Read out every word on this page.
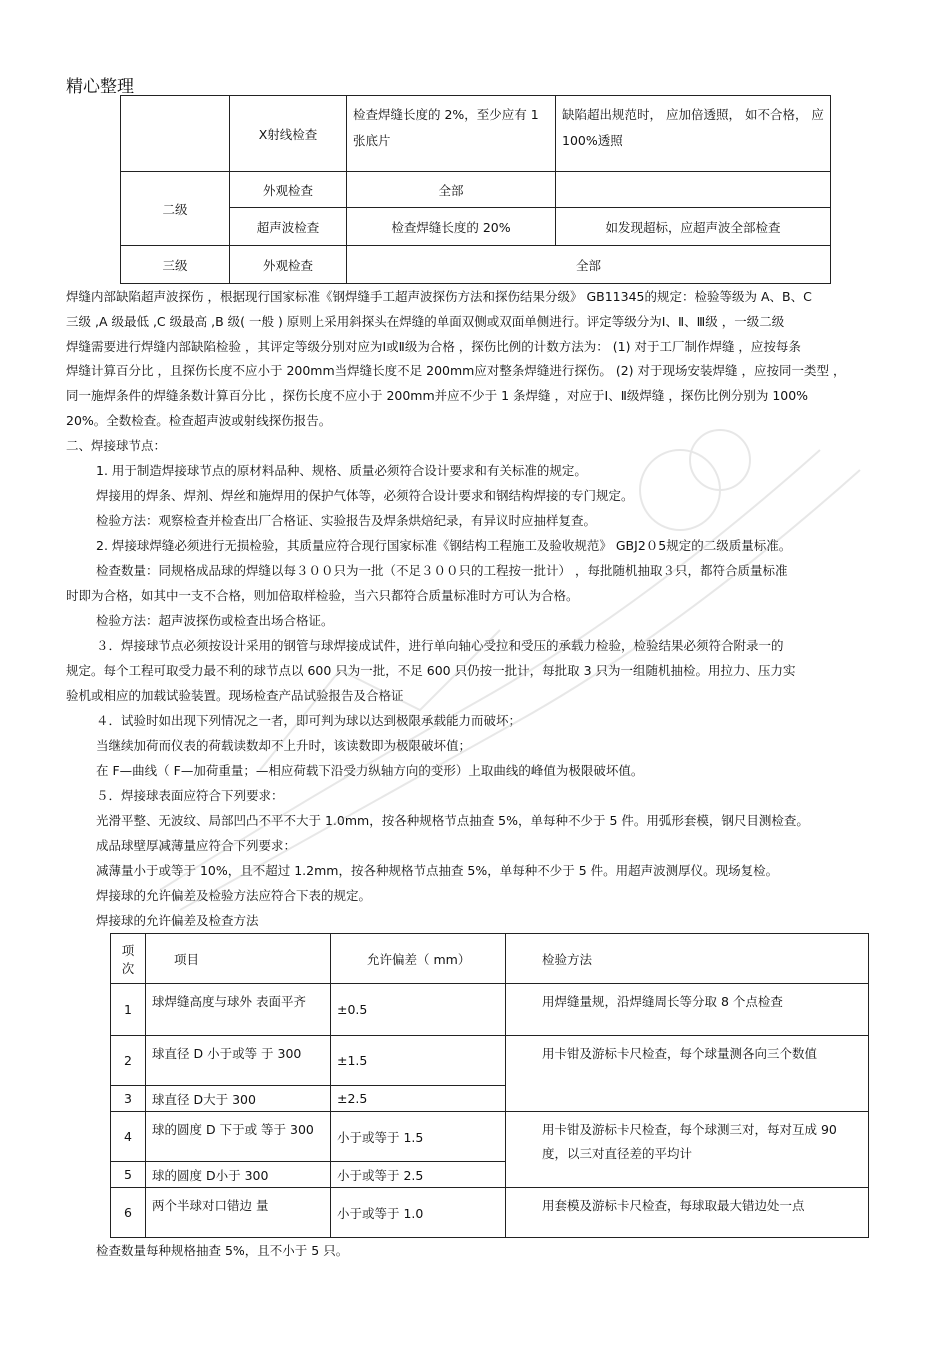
精心整理
	X射线检查	检查焊缝长度的 2%，至少应有 1 张底片	缺陷超出规范时， 应加倍透照， 如不合格， 应 100%透照
二级	外观检查	全部	
	超声波检查	检查焊缝长度的 20%	如发现超标，应超声波全部检查
三级	外观检查	全部	
焊缝内部缺陷超声波探伤 ，根据现行国家标准《钢焊缝手工超声波探伤方法和探伤结果分级》 GB11345的规定：检验等级为 A、B、C
三级 ,A 级最低 ,C 级最高 ,B 级( 一般 ) 原则上采用斜探头在焊缝的单面双侧或双面单侧进行。评定等级分为Ⅰ、Ⅱ、Ⅲ级 ，一级二级
焊缝需要进行焊缝内部缺陷检验 ，其评定等级分别对应为Ⅰ或Ⅱ级为合格 ，探伤比例的计数方法为： (1) 对于工厂制作焊缝 ，应按每条
焊缝计算百分比 ，且探伤长度不应小于 200mm当焊缝长度不足 200mm应对整条焊缝进行探伤。 (2) 对于现场安装焊缝 ，应按同一类型 ，
同一施焊条件的焊缝条数计算百分比 ，探伤长度不应小于 200mm并应不少于 1 条焊缝 ，对应于Ⅰ、Ⅱ级焊缝 ，探伤比例分别为 100%
20%。全数检查。检查超声波或射线探伤报告。
二、焊接球节点：
1. 用于制造焊接球节点的原材料品种、规格、质量必须符合设计要求和有关标准的规定。
焊接用的焊条、焊剂、焊丝和施焊用的保护气体等，必须符合设计要求和钢结构焊接的专门规定。
检验方法：观察检查并检查出厂合格证、实验报告及焊条烘焙纪录，有异议时应抽样复查。
2. 焊接球焊缝必须进行无损检验，其质量应符合现行国家标准《钢结构工程施工及验收规范》 GBJ2０5规定的二级质量标准。
检查数量：同规格成品球的焊缝以每３００只为一批（不足３００只的工程按一批计） ，每批随机抽取３只，都符合质量标准
时即为合格，如其中一支不合格，则加倍取样检验，当六只都符合质量标准时方可认为合格。
检验方法：超声波探伤或检查出场合格证。
３．焊接球节点必须按设计采用的钢管与球焊接成试件，进行单向轴心受拉和受压的承载力检验，检验结果必须符合附录一的
规定。每个工程可取受力最不利的球节点以 600 只为一批，不足 600 只仍按一批计，每批取 3 只为一组随机抽检。用拉力、压力实
验机或相应的加载试验装置。现场检查产品试验报告及合格证
４．试验时如出现下列情况之一者，即可判为球以达到极限承载能力而破坏；
当继续加荷而仪表的荷载读数却不上升时，该读数即为极限破坏值；
在 F—曲线（ F—加荷重量；—相应荷载下沿受力纵轴方向的变形）上取曲线的峰值为极限破坏值。
５．焊接球表面应符合下列要求：
光滑平整、无波纹、局部凹凸不平不大于 1.0mm，按各种规格节点抽查 5%，单每种不少于 5 件。用弧形套模，钢尺目测检查。
成品球壁厚减薄量应符合下列要求：
减薄量小于或等于 10%，且不超过 1.2mm，按各种规格节点抽查 5%，单每种不少于 5 件。用超声波测厚仪。现场复检。
焊接球的允许偏差及检验方法应符合下表的规定。
焊接球的允许偏差及检查方法
项 次	项目	允许偏差（ mm）	检验方法
1	球焊缝高度与球外 表面平齐	±0.5	用焊缝量规，沿焊缝周长等分取 8 个点检查
2	球直径 D 小于或等 于 300	±1.5	用卡钳及游标卡尺检查，每个球量测各向三个数值
3	球直径 D大于 300	±2.5	
4	球的圆度 D 下于或 等于 300	小于或等于 1.5	用卡钳及游标卡尺检查，每个球测三对，每对互成 90 度，以三对直径差的平均计
5	球的圆度 D小于 300	小于或等于 2.5	
6	两个半球对口错边 量	小于或等于 1.0	用套模及游标卡尺检查，每球取最大错边处一点
检查数量每种规格抽查 5%，且不小于 5 只。
